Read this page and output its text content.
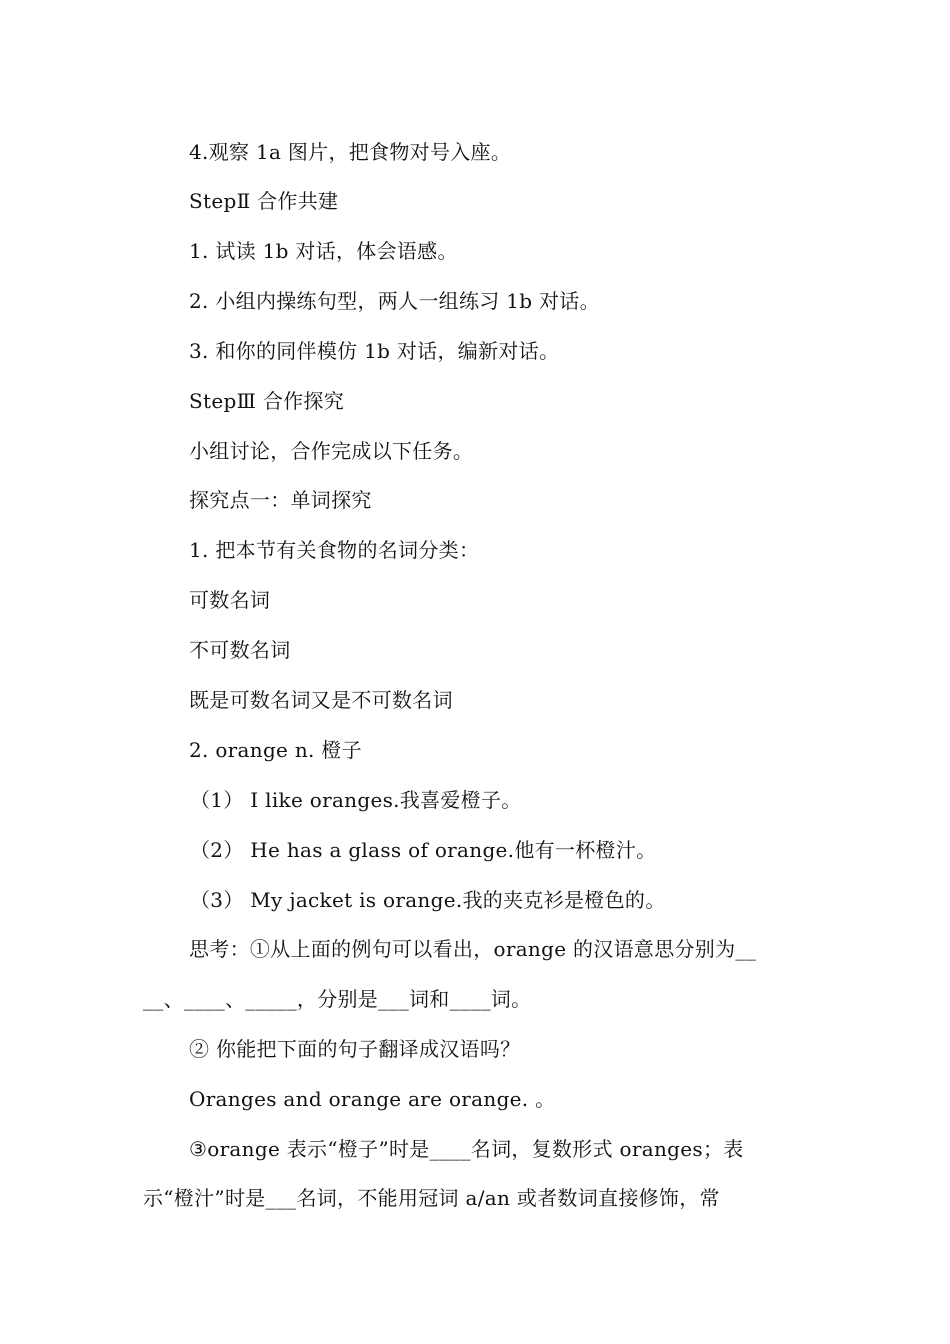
4.观察 1a 图片，把食物对号入座。
StepⅡ 合作共建
1. 试读 1b 对话，体会语感。
2. 小组内操练句型，两人一组练习 1b 对话。
3. 和你的同伴模仿 1b 对话，编新对话。
StepⅢ 合作探究
小组讨论，合作完成以下任务。
探究点一：单词探究
1. 把本节有关食物的名词分类：
可数名词
不可数名词
既是可数名词又是不可数名词
2. orange n. 橙子
（1） I like oranges.我喜爱橙子。
（2） He has a glass of orange.他有一杯橙汁。
（3） My jacket is orange.我的夹克衫是橙色的。
思考：①从上面的例句可以看出，orange 的汉语意思分别为__
__、____、_____，分别是___词和____词。
② 你能把下面的句子翻译成汉语吗？
Oranges and orange are orange. 。
③orange 表示“橙子”时是____名词，复数形式 oranges；表
示“橙汁”时是___名词，不能用冠词 a/an 或者数词直接修饰，常
